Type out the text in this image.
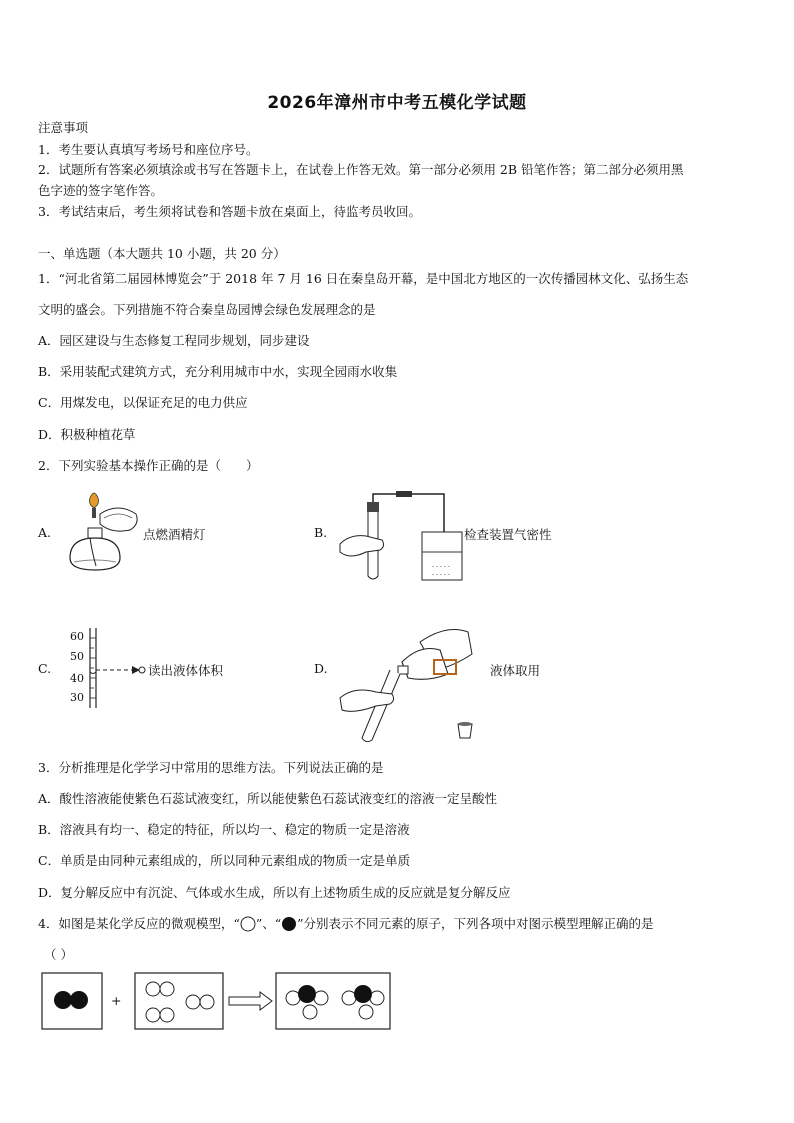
2026年漳州市中考五模化学试题
注意事项
1．考生要认真填写考场号和座位序号。
2．试题所有答案必须填涂或书写在答题卡上，在试卷上作答无效。第一部分必须用 2B 铅笔作答；第二部分必须用黑
色字迹的签字笔作答。
3．考试结束后，考生须将试卷和答题卡放在桌面上，待监考员收回。
一、单选题（本大题共 10 小题，共 20 分）
1．“河北省第二届园林博览会”于 2018 年 7 月 16 日在秦皇岛开幕，是中国北方地区的一次传播园林文化、弘扬生态
文明的盛会。下列措施不符合秦皇岛园博会绿色发展理念的是
A．园区建设与生态修复工程同步规划，同步建设
B．采用装配式建筑方式，充分利用城市中水，实现全园雨水收集
C．用煤发电，以保证充足的电力供应
D．积极种植花草
2．下列实验基本操作正确的是（　　）
A.	点燃酒精灯	B.
- - - - -
- - - - -
检查装置气密性
C.
60
50
40
30
读出液体体积	D.	液体取用
3．分析推理是化学学习中常用的思维方法。下列说法正确的是
A．酸性溶液能使紫色石蕊试液变红，所以能使紫色石蕊试液变红的溶液一定呈酸性
B．溶液具有均一、稳定的特征，所以均一、稳定的物质一定是溶液
C．单质是由同种元素组成的，所以同种元素组成的物质一定是单质
D．复分解反应中有沉淀、气体或水生成，所以有上述物质生成的反应就是复分解反应
4．如图是某化学反应的微观模型，“ ”、“ ”分别表示不同元素的原子，下列各项中对图示模型理解正确的是
（ ）
+
